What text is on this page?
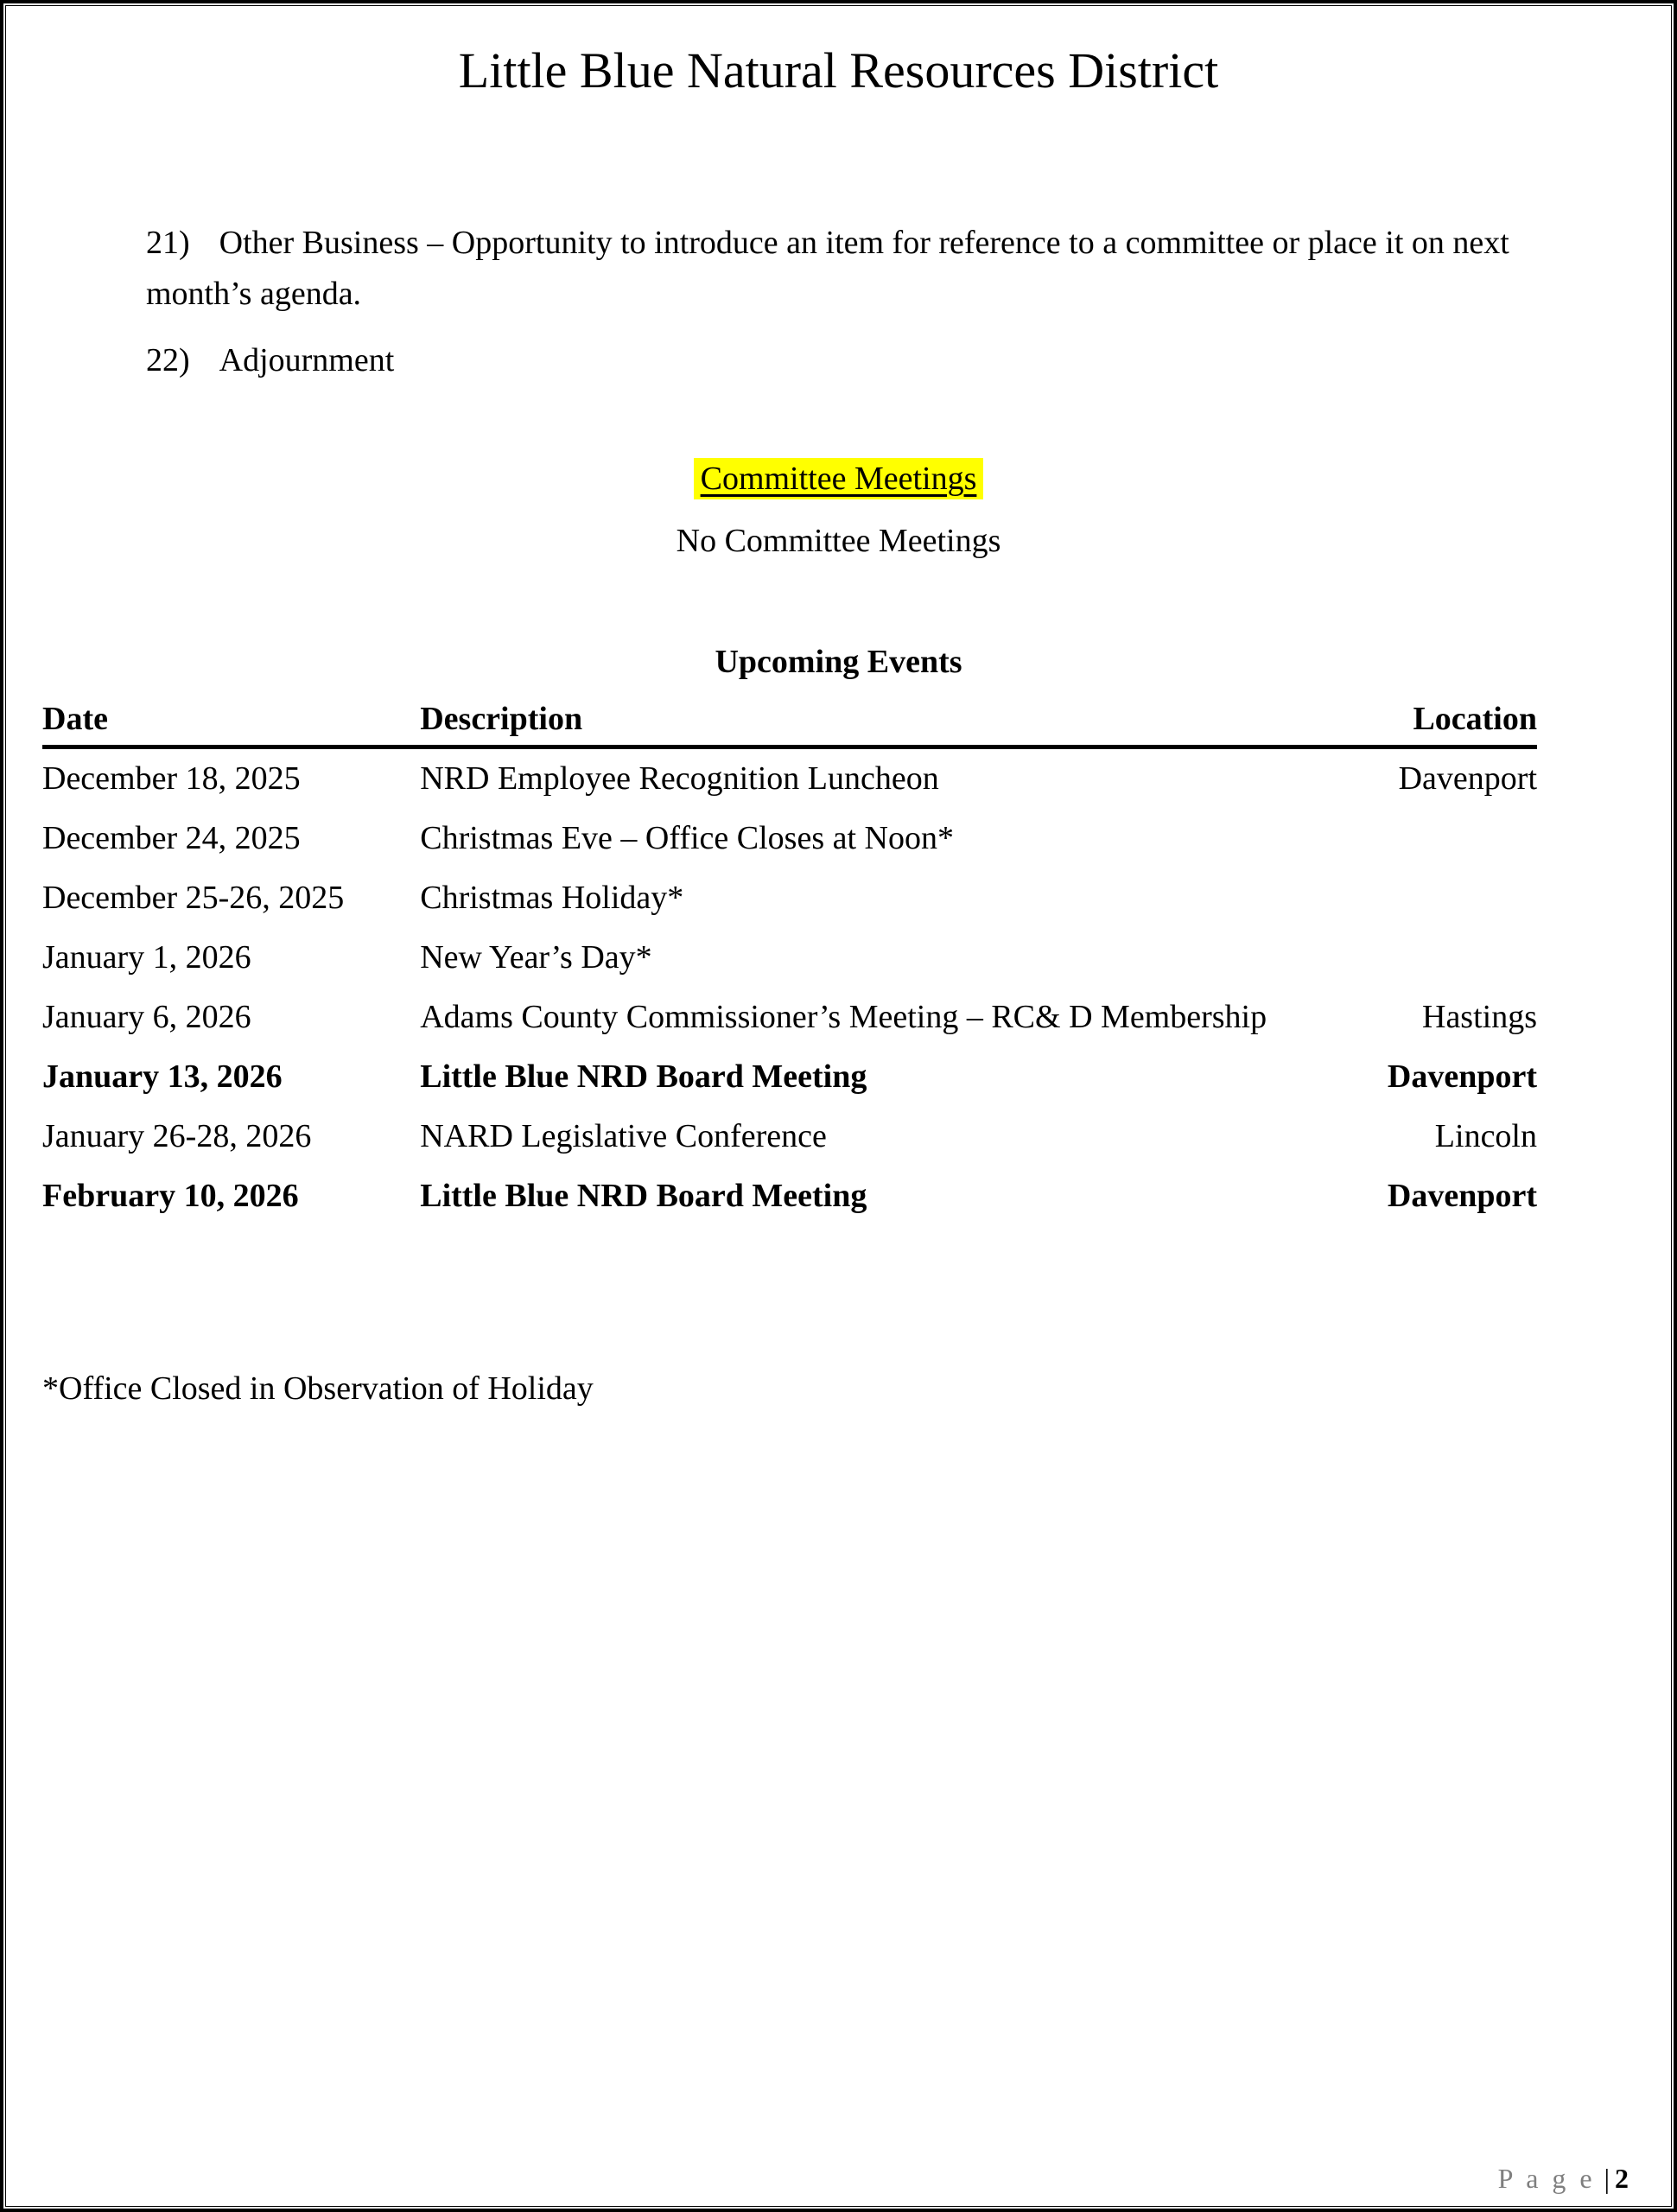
Little Blue Natural Resources District

21) Other Business – Opportunity to introduce an item for reference to a committee or place it on next month’s agenda.

22) Adjournment

Committee Meetings
No Committee Meetings
Upcoming Events
Date	Description	Location
December 18, 2025	NRD Employee Recognition Luncheon	Davenport
December 24, 2025	Christmas Eve – Office Closes at Noon*	
December 25-26, 2025	Christmas Holiday*	
January 1, 2026	New Year’s Day*	
January 6, 2026	Adams County Commissioner’s Meeting – RC& D Membership	Hastings
January 13, 2026	Little Blue NRD Board Meeting	Davenport
January 26-28, 2026	NARD Legislative Conference	Lincoln
February 10, 2026	Little Blue NRD Board Meeting	Davenport
*Office Closed in Observation of Holiday
P a g e | 2
